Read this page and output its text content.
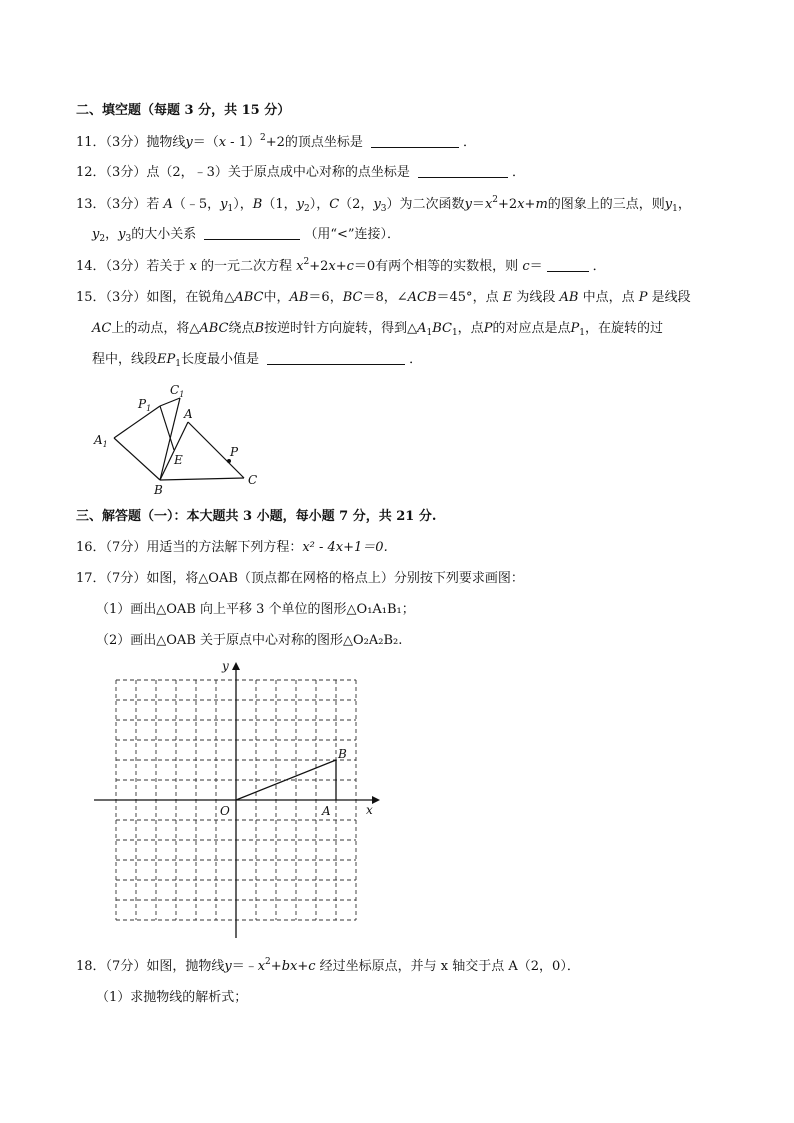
二、填空题（每题 3 分，共 15 分）
11．（3分）抛物线y＝（x - 1）$^2$+2的顶点坐标是	．
12．（3分）点（2，﹣3）关于原点成中心对称的点坐标是	．
13．（3分）若 A（﹣5，$y_1$），B（1，$y_2$），C（2，$y_3$）为二次函数$y=x^2+2x+m$的图象上的三点，则$y_1$，
$y_2$，$y_3$的大小关系	（用“<”连接）．
14．（3分）若关于 x 的一元二次方程 $x^2+2x+c=0$有两个相等的实数根，则 c＝	．
15．（3分）如图，在锐角△ABC中，AB＝6，BC＝8，∠ACB＝45°，点 E 为线段 AB 中点，点 P 是线段
AC上的动点，将△ABC绕点B按逆时针方向旋转，得到$\triangle A_1BC_1$，点P的对应点是点$P_1$，在旋转的过
程中，线段$EP_1$长度最小值是	．
$P_1$
$C_1$
A
$A_1$
E
P
B
C
三、解答题（一）：本大题共 3 小题，每小题 7 分，共 21 分.
16．（7分）用适当的方法解下列方程：x² - 4x+1＝0.
17．（7分）如图，将△OAB（顶点都在网格的格点上）分别按下列要求画图：
（1）画出△OAB 向上平移 3 个单位的图形△O₁A₁B₁；
（2）画出△OAB 关于原点中心对称的图形△O₂A₂B₂.
y
x
O	A
B
18．（7分）如图，抛物线$y=﹣x^2+bx+c$ 经过坐标原点，并与 x 轴交于点 A（2，0）．
（1）求抛物线的解析式；
